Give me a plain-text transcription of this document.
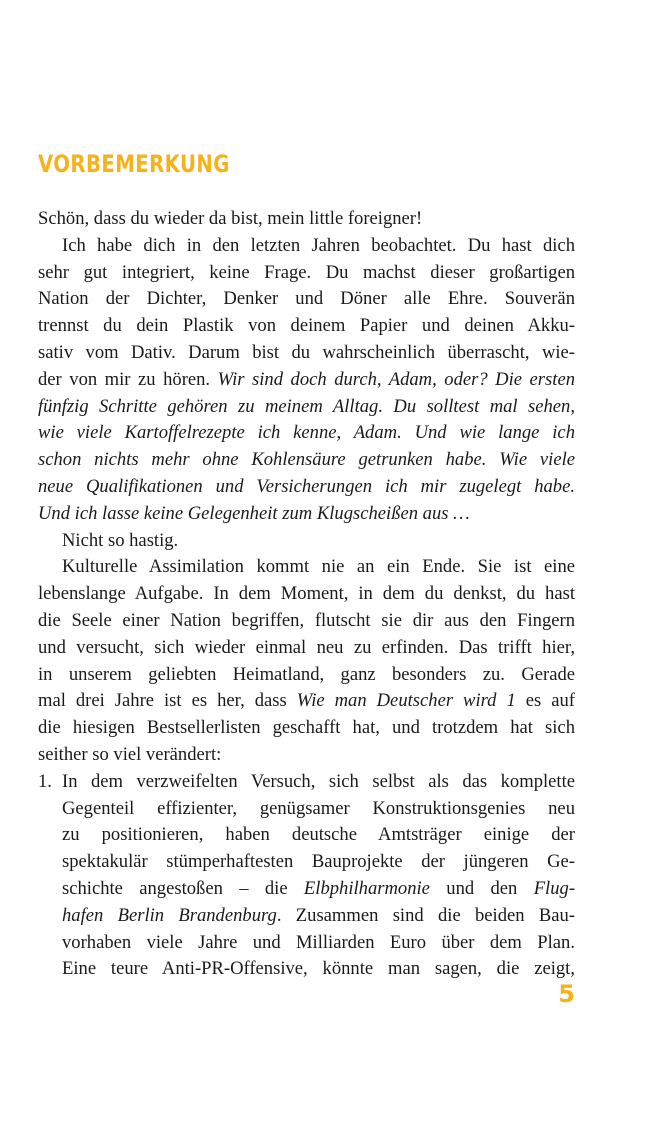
VORBEMERKUNG
Schön, dass du wieder da bist, mein little foreigner!
Ich habe dich in den letzten Jahren beobachtet. Du hast dich
sehr gut integriert, keine Frage. Du machst dieser großartigen
Nation der Dichter, Denker und Döner alle Ehre. Souverän
trennst du dein Plastik von deinem Papier und deinen Akku-
sativ vom Dativ. Darum bist du wahrscheinlich überrascht, wie-
der von mir zu hören. Wir sind doch durch, Adam, oder? Die ersten
fünfzig Schritte gehören zu meinem Alltag. Du solltest mal sehen,
wie viele Kartoffelrezepte ich kenne, Adam. Und wie lange ich
schon nichts mehr ohne Kohlensäure getrunken habe. Wie viele
neue Qualifikationen und Versicherungen ich mir zugelegt habe.
Und ich lasse keine Gelegenheit zum Klugscheißen aus …
Nicht so hastig.
Kulturelle Assimilation kommt nie an ein Ende. Sie ist eine
lebenslange Aufgabe. In dem Moment, in dem du denkst, du hast
die Seele einer Nation begriffen, flutscht sie dir aus den Fingern
und versucht, sich wieder einmal neu zu erfinden. Das trifft hier,
in unserem geliebten Heimatland, ganz besonders zu. Gerade
mal drei Jahre ist es her, dass Wie man Deutscher wird 1 es auf
die hiesigen Bestsellerlisten geschafft hat, und trotzdem hat sich
seither so viel verändert:
1. In dem verzweifelten Versuch, sich selbst als das komplette
Gegenteil effizienter, genügsamer Konstruktionsgenies neu
zu positionieren, haben deutsche Amtsträger einige der
spektakulär stümperhaftesten Bauprojekte der jüngeren Ge-
schichte angestoßen – die Elbphilharmonie und den Flug-
hafen Berlin Brandenburg. Zusammen sind die beiden Bau-
vorhaben viele Jahre und Milliarden Euro über dem Plan.
Eine teure Anti-PR-Offensive, könnte man sagen, die zeigt,
5
